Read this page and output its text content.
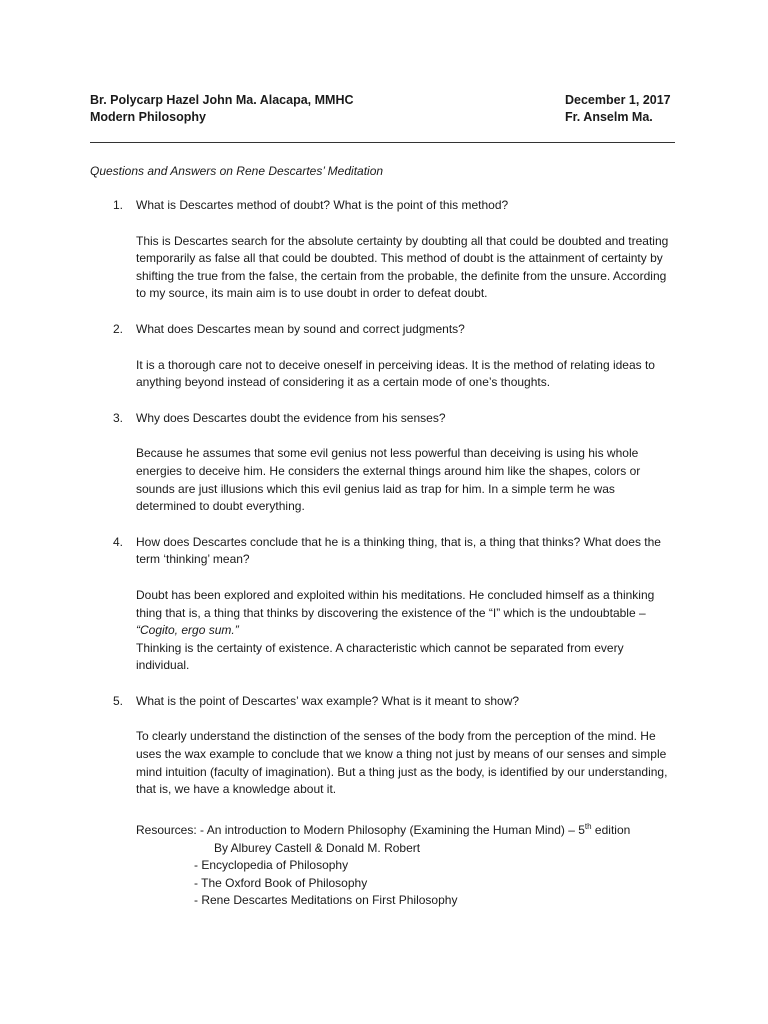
Br. Polycarp Hazel John Ma. Alacapa, MMHC
Modern Philosophy
December 1, 2017
Fr. Anselm Ma.
Questions and Answers on Rene Descartes’ Meditation
1. What is Descartes method of doubt? What is the point of this method?

This is Descartes search for the absolute certainty by doubting all that could be doubted and treating temporarily as false all that could be doubted. This method of doubt is the attainment of certainty by shifting the true from the false, the certain from the probable, the definite from the unsure. According to my source, its main aim is to use doubt in order to defeat doubt.

2. What does Descartes mean by sound and correct judgments?

It is a thorough care not to deceive oneself in perceiving ideas. It is the method of relating ideas to anything beyond instead of considering it as a certain mode of one’s thoughts.

3. Why does Descartes doubt the evidence from his senses?

Because he assumes that some evil genius not less powerful than deceiving is using his whole energies to deceive him. He considers the external things around him like the shapes, colors or sounds are just illusions which this evil genius laid as trap for him. In a simple term he was determined to doubt everything.

4. How does Descartes conclude that he is a thinking thing, that is, a thing that thinks? What does the term ‘thinking’ mean?

Doubt has been explored and exploited within his meditations. He concluded himself as a thinking thing that is, a thing that thinks by discovering the existence of the “I” which is the undoubtable – “Cogito, ergo sum.”

Thinking is the certainty of existence. A characteristic which cannot be separated from every individual.

5. What is the point of Descartes’ wax example? What is it meant to show?

To clearly understand the distinction of the senses of the body from the perception of the mind. He uses the wax example to conclude that we know a thing not just by means of our senses and simple mind intuition (faculty of imagination). But a thing just as the body, is identified by our understanding, that is, we have a knowledge about it.

Resources: - An introduction to Modern Philosophy (Examining the Human Mind) – 5th edition
By Alburey Castell & Donald M. Robert
- Encyclopedia of Philosophy
- The Oxford Book of Philosophy
- Rene Descartes Meditations on First Philosophy
